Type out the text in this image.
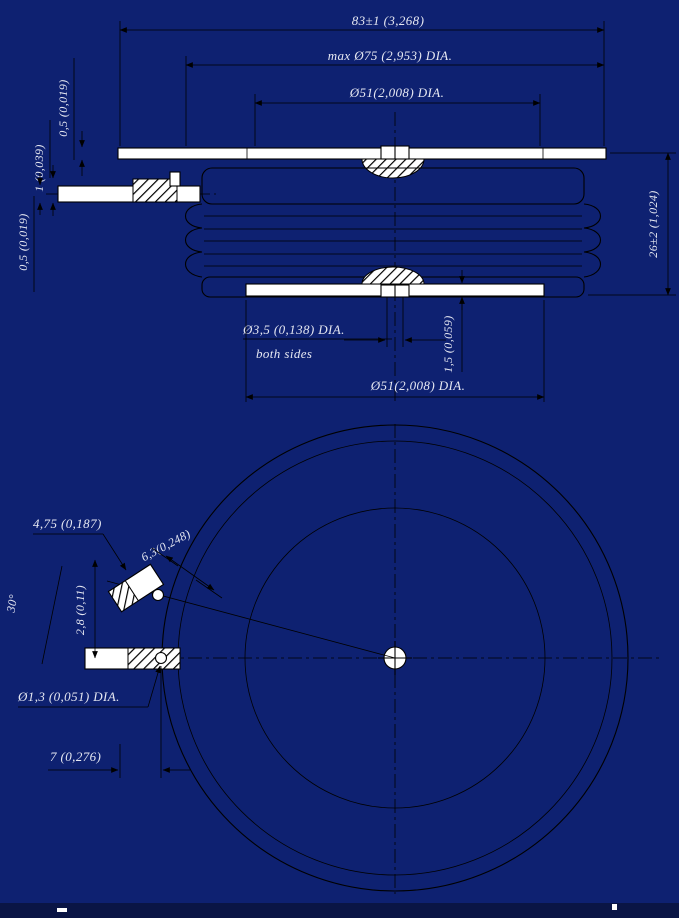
83±1 (3,268)
max Ø75 (2,953) DIA.
Ø51(2,008) DIA.
0,5 (0,019)
1 (0,039)
0,5 (0,019)
Ø3,5 (0,138) DIA.
both sides	1,5 (0,059)
Ø51(2,008) DIA.
26±2 (1,024)
4,75 (0,187)
6,3(0,248)
2,8 (0,11)
30°
Ø1,3 (0,051) DIA.
7 (0,276)
